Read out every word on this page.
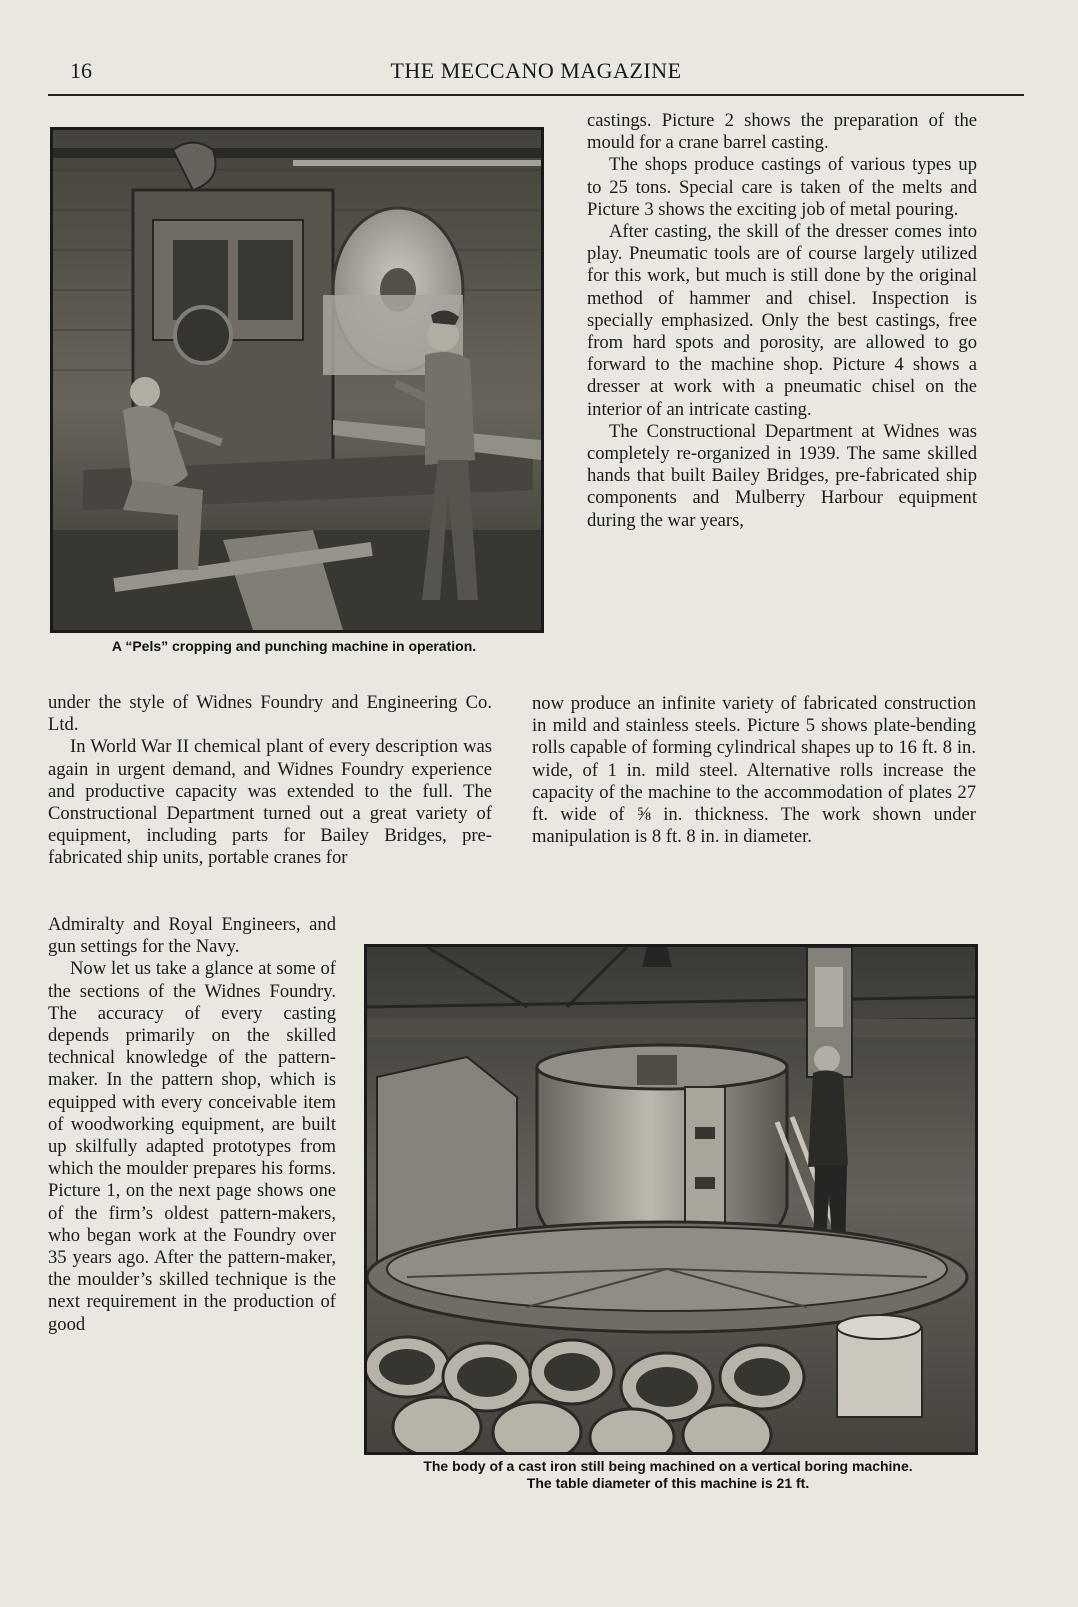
16	THE MECCANO MAGAZINE
A “Pels” cropping and punching machine in operation.

castings. Picture 2 shows the preparation of the mould for a crane barrel casting.

The shops produce castings of various types up to 25 tons. Special care is taken of the melts and Picture 3 shows the exciting job of metal pouring.

After casting, the skill of the dresser comes into play. Pneumatic tools are of course largely utilized for this work, but much is still done by the original method of hammer and chisel. Inspection is specially emphasized. Only the best castings, free from hard spots and porosity, are allowed to go forward to the machine shop. Picture 4 shows a dresser at work with a pneumatic chisel on the interior of an intricate casting.

The Constructional Department at Widnes was completely re-organized in 1939. The same skilled hands that built Bailey Bridges, pre-fabricated ship components and Mulberry Harbour equipment during the war years,

under the style of Widnes Foundry and Engineering Co. Ltd.

In World War II chemical plant of every description was again in urgent demand, and Widnes Foundry experience and productive capacity was extended to the full. The Constructional Department turned out a great variety of equipment, including parts for Bailey Bridges, pre-fabricated ship units, portable cranes for

now produce an infinite variety of fabricated construction in mild and stainless steels. Picture 5 shows plate-bending rolls capable of forming cylindrical shapes up to 16 ft. 8 in. wide, of 1 in. mild steel. Alternative rolls increase the capacity of the machine to the accommodation of plates 27 ft. wide of ⅝ in. thickness. The work shown under manipulation is 8 ft. 8 in. in diameter.

Admiralty and Royal Engineers, and gun settings for the Navy.

Now let us take a glance at some of the sections of the Widnes Foundry. The accuracy of every casting depends primarily on the skilled technical knowledge of the pattern-maker. In the pattern shop, which is equipped with every conceivable item of woodworking equipment, are built up skilfully adapted prototypes from which the moulder prepares his forms. Picture 1, on the next page shows one of the firm’s oldest pattern-makers, who began work at the Foundry over 35 years ago. After the pattern-maker, the moulder’s skilled technique is the next requirement in the production of good

The body of a cast iron still being machined on a vertical boring machine.
The table diameter of this machine is 21 ft.
